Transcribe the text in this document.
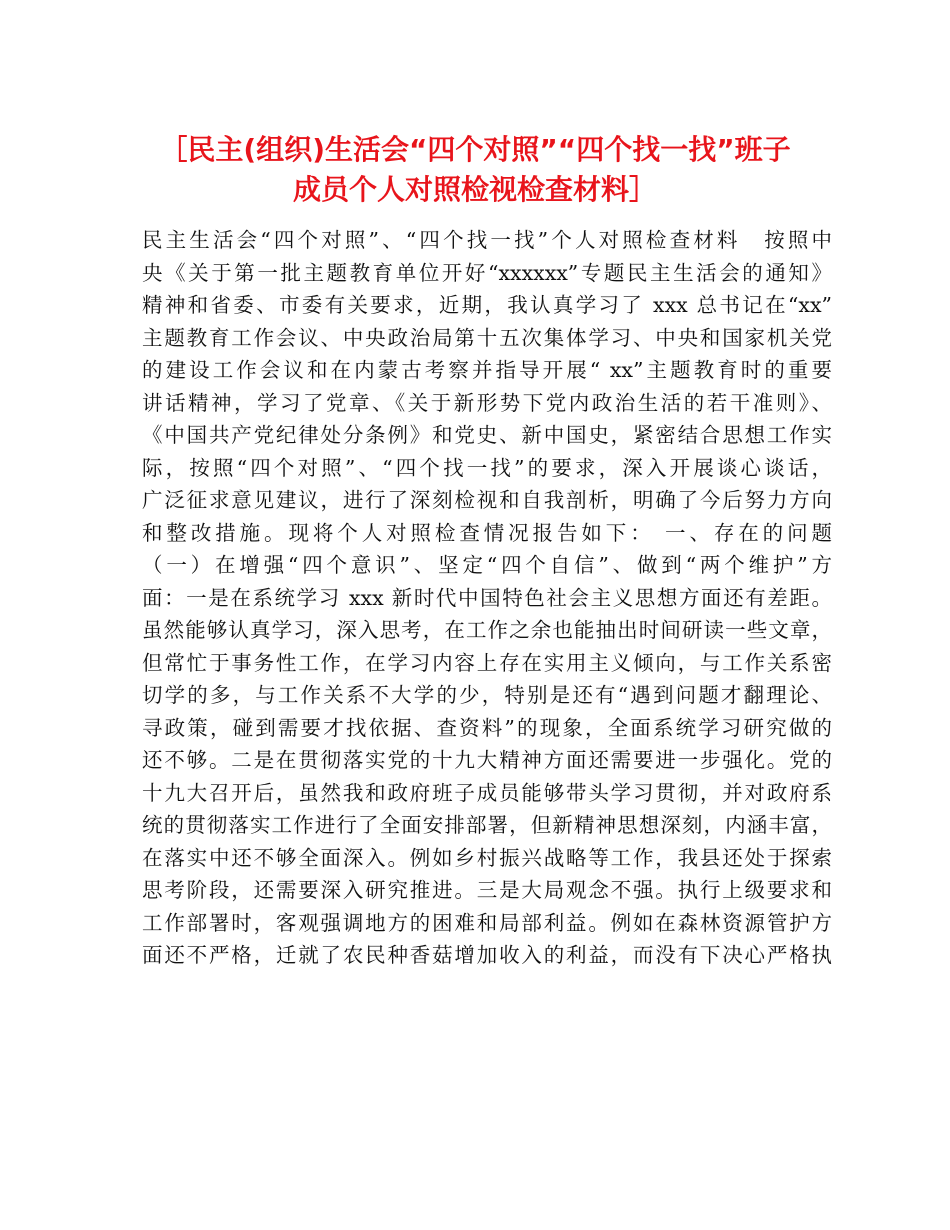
［民主(组织)生活会“四个对照”“四个找一找”班子
成员个人对照检视检查材料］
民主生活会“四个对照”、“四个找一找”个人对照检查材料　按照中
央《关于第一批主题教育单位开好“xxxxxx”专题民主生活会的通知》
精神和省委、市委有关要求，近期，我认真学习了 xxx 总书记在“xx”
主题教育工作会议、中央政治局第十五次集体学习、中央和国家机关党
的建设工作会议和在内蒙古考察并指导开展“ xx”主题教育时的重要
讲话精神，学习了党章、《关于新形势下党内政治生活的若干准则》、
《中国共产党纪律处分条例》和党史、新中国史，紧密结合思想工作实
际，按照“四个对照”、“四个找一找”的要求，深入开展谈心谈话，
广泛征求意见建议，进行了深刻检视和自我剖析，明确了今后努力方向
和整改措施。现将个人对照检查情况报告如下： 一、存在的问题
（一）在增强“四个意识”、坚定“四个自信”、做到“两个维护”方
面：一是在系统学习 xxx 新时代中国特色社会主义思想方面还有差距。
虽然能够认真学习，深入思考，在工作之余也能抽出时间研读一些文章，
但常忙于事务性工作，在学习内容上存在实用主义倾向，与工作关系密
切学的多，与工作关系不大学的少，特别是还有“遇到问题才翻理论、
寻政策，碰到需要才找依据、查资料”的现象，全面系统学习研究做的
还不够。二是在贯彻落实党的十九大精神方面还需要进一步强化。党的
十九大召开后，虽然我和政府班子成员能够带头学习贯彻，并对政府系
统的贯彻落实工作进行了全面安排部署，但新精神思想深刻，内涵丰富，
在落实中还不够全面深入。例如乡村振兴战略等工作，我县还处于探索
思考阶段，还需要深入研究推进。三是大局观念不强。执行上级要求和
工作部署时，客观强调地方的困难和局部利益。例如在森林资源管护方
面还不严格，迁就了农民种香菇增加收入的利益，而没有下决心严格执
